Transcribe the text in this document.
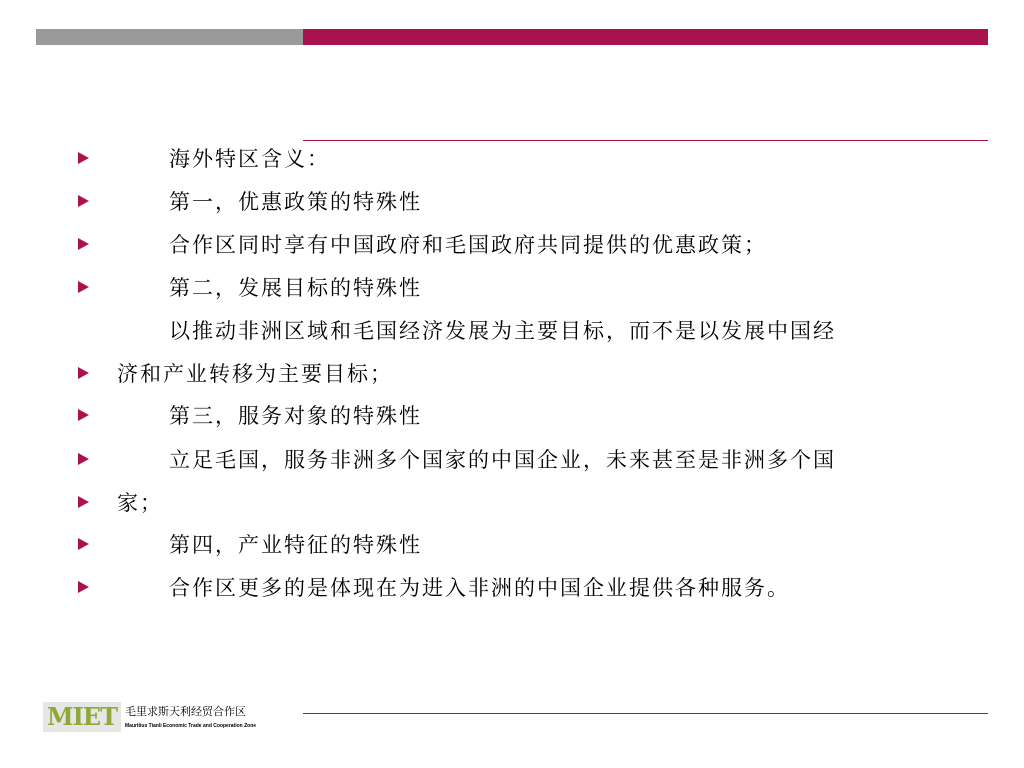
海外特区含义：
第一，优惠政策的特殊性
合作区同时享有中国政府和毛国政府共同提供的优惠政策；
第二，发展目标的特殊性
以推动非洲区域和毛国经济发展为主要目标，而不是以发展中国经
济和产业转移为主要目标；
第三，服务对象的特殊性
立足毛国，服务非洲多个国家的中国企业，未来甚至是非洲多个国
家；
第四，产业特征的特殊性
合作区更多的是体现在为进入非洲的中国企业提供各种服务。
MIET 毛里求斯天利经贸合作区
Mauritius Tianli Economic Trade and Cooperation Zone
